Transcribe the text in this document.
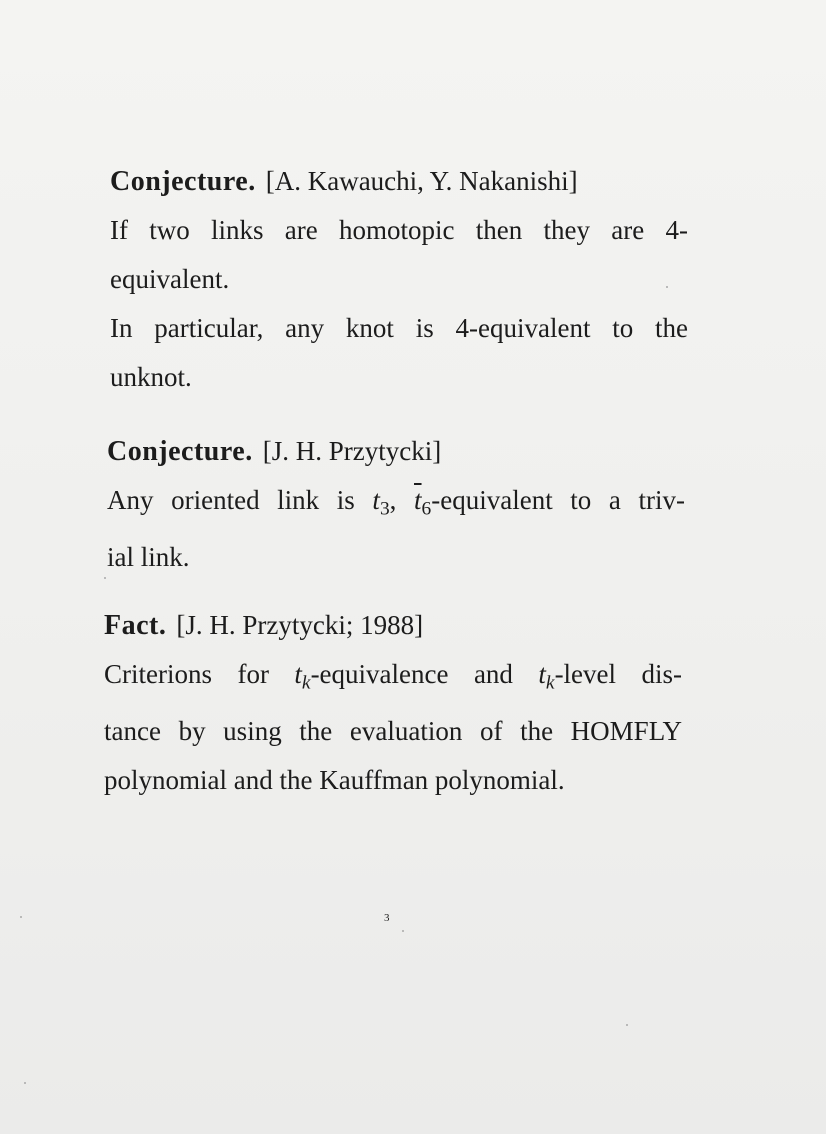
Conjecture. [A. Kawauchi, Y. Nakanishi]

If two links are homotopic then they are 4-
equivalent.
In particular, any knot is 4-equivalent to the
unknot.

Conjecture. [J. H. Przytycki]

Any oriented link is $t_3$, $\overline{t}_6$-equivalent to a triv-
ial link.

Fact. [J. H. Przytycki; 1988]

Criterions for $t_k$-equivalence and $t_k$-level dis-
tance by using the evaluation of the HOMFLY
polynomial and the Kauffman polynomial.
3
